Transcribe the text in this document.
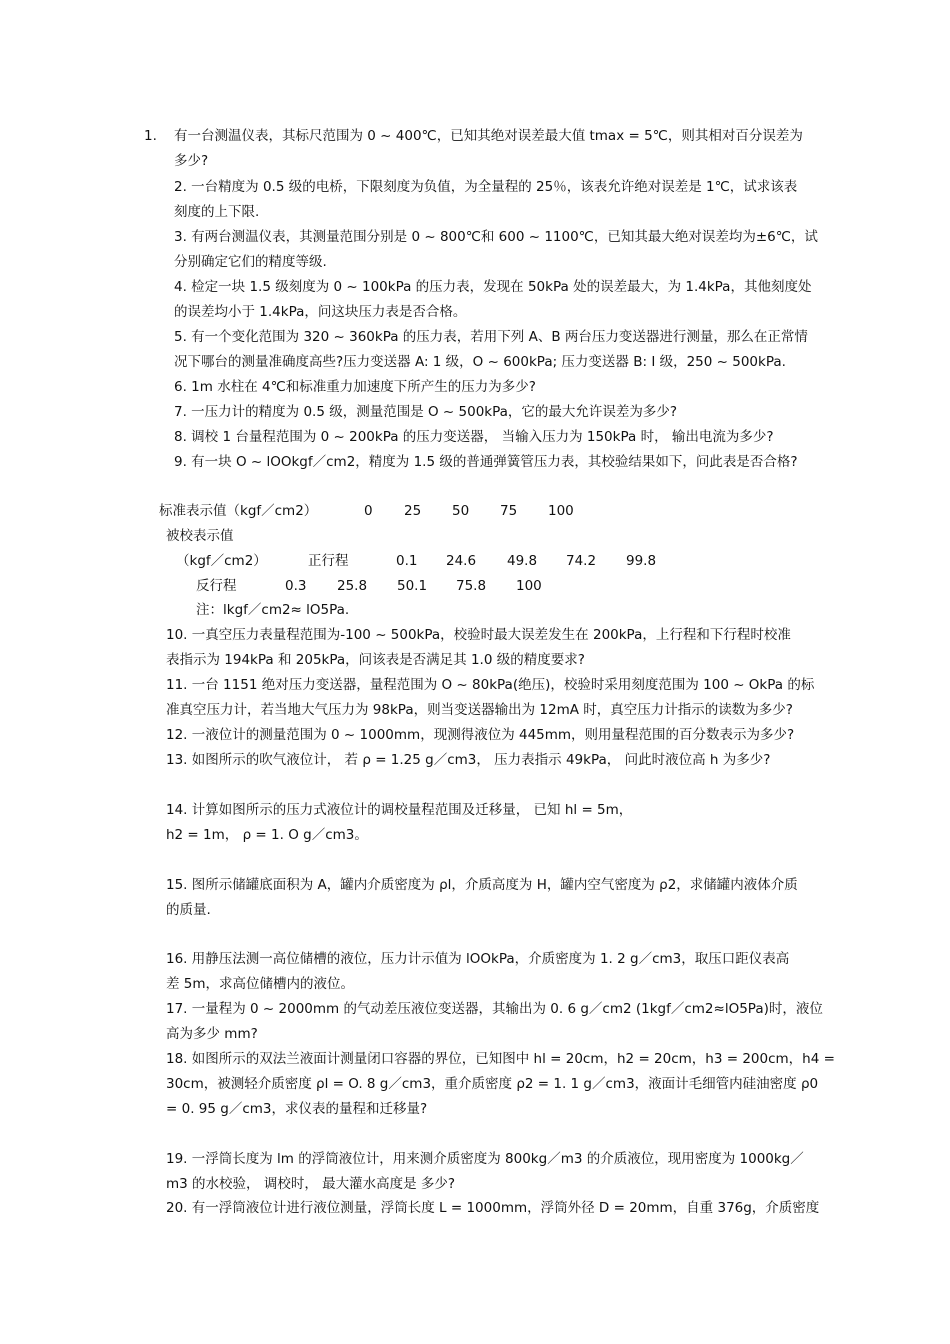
1. 有一台测温仪表，其标尺范围为 0 ~ 400℃，已知其绝对误差最大值 tmax = 5℃，则其相对百分误差为
多少?
2. 一台精度为 0.5 级的电桥，下限刻度为负值，为全量程的 25％，该表允许绝对误差是 1℃，试求该表
刻度的上下限.
3. 有两台测温仪表，其测量范围分别是 0 ~ 800℃和 600 ~ 1100℃，已知其最大绝对误差均为±6℃，试
分别确定它们的精度等级.
4. 检定一块 1.5 级刻度为 0 ~ 100kPa 的压力表，发现在 50kPa 处的误差最大，为 1.4kPa，其他刻度处
的误差均小于 1.4kPa，问这块压力表是否合格。
5. 有一个变化范围为 320 ~ 360kPa 的压力表，若用下列 A、B 两台压力变送器进行测量，那么在正常情
况下哪台的测量准确度高些?压力变送器 A: 1 级，O ~ 600kPa; 压力变送器 B: I 级，250 ~ 500kPa.
6. 1m 水柱在 4℃和标准重力加速度下所产生的压力为多少?
7. 一压力计的精度为 0.5 级，测量范围是 O ~ 500kPa，它的最大允许误差为多少?
8. 调校 1 台量程范围为 0 ~ 200kPa 的压力变送器， 当输入压力为 150kPa 时， 输出电流为多少?
9. 有一块 O ~ lOOkgf／cm2，精度为 1.5 级的普通弹簧管压力表，其校验结果如下，问此表是否合格?
标准表示值（kgf／cm2）	0 25 50 75 100
被校表示值
（kgf／cm2）	正行程	0.1 24.6 49.8 74.2 99.8
反行程	0.3 25.8 50.1 75.8 100
注：lkgf／cm2≈ lO5Pa.
10. 一真空压力表量程范围为-100 ~ 500kPa，校验时最大误差发生在 200kPa，上行程和下行程时校准
表指示为 194kPa 和 205kPa，问该表是否满足其 1.0 级的精度要求?
11. 一台 1151 绝对压力变送器，量程范围为 O ~ 80kPa(绝压)，校验时采用刻度范围为 100 ~ OkPa 的标
准真空压力计，若当地大气压力为 98kPa，则当变送器输出为 12mA 时，真空压力计指示的读数为多少?
12. 一液位计的测量范围为 0 ~ 1000mm，现测得液位为 445mm，则用量程范围的百分数表示为多少?
13. 如图所示的吹气液位计， 若 ρ = 1.25 g／cm3， 压力表指示 49kPa， 问此时液位高 h 为多少?
14. 计算如图所示的压力式液位计的调校量程范围及迁移量， 已知 hl = 5m，
h2 = 1m， ρ = 1. O g／cm3。
15. 图所示储罐底面积为 A，罐内介质密度为 ρl，介质高度为 H，罐内空气密度为 ρ2，求储罐内液体介质
的质量.
16. 用静压法测一高位储槽的液位，压力计示值为 lOOkPa，介质密度为 1. 2 g／cm3，取压口距仪表高
差 5m，求高位储槽内的液位。
17. 一量程为 0 ~ 2000mm 的气动差压液位变送器，其输出为 0. 6 g／cm2 (1kgf／cm2≈lO5Pa)时，液位
高为多少 mm?
18. 如图所示的双法兰液面计测量闭口容器的界位，已知图中 hl = 20cm，h2 = 20cm，h3 = 200cm，h4 =
30cm，被测轻介质密度 ρl = O. 8 g／cm3，重介质密度 ρ2 = 1. 1 g／cm3，液面计毛细管内硅油密度 ρ0
= 0. 95 g／cm3，求仪表的量程和迁移量?
19. 一浮筒长度为 lm 的浮筒液位计，用来测介质密度为 800kg／m3 的介质液位，现用密度为 1000kg／
m3 的水校验， 调校时， 最大灌水高度是 多少?
20. 有一浮筒液位计进行液位测量，浮筒长度 L = 1000mm，浮筒外径 D = 20mm，自重 376g，介质密度
